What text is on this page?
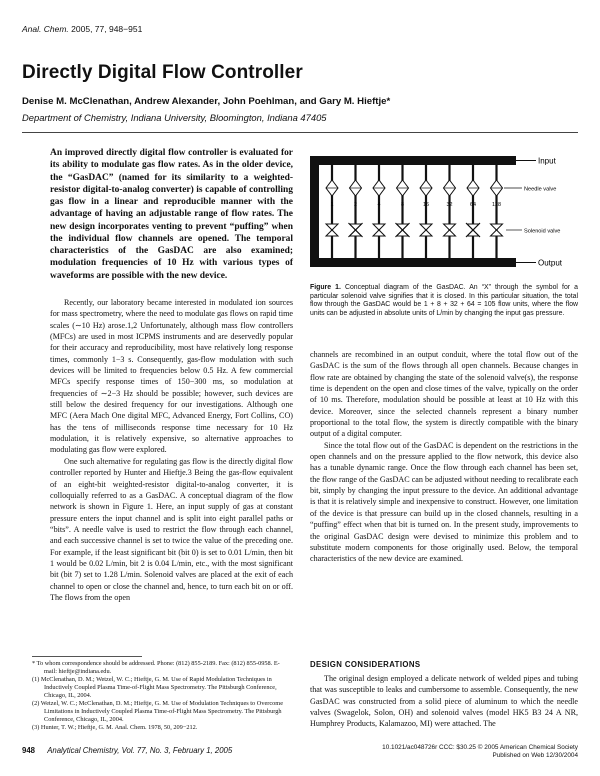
Anal. Chem. 2005, 77, 948−951
Directly Digital Flow Controller
Denise M. McClenathan, Andrew Alexander, John Poehlman, and Gary M. Hieftje*
Department of Chemistry, Indiana University, Bloomington, Indiana 47405
An improved directly digital flow controller is evaluated for its ability to modulate gas flow rates. As in the older device, the “GasDAC” (named for its similarity to a weighted-resistor digital-to-analog converter) is capable of controlling gas flow in a linear and reproducible manner with the advantage of having an adjustable range of flow rates. The new design incorporates venting to prevent “puffing” when the individual flow channels are opened. The temporal characteristics of the GasDAC are also examined; modulation frequencies of 10 Hz with various types of waveforms are possible with the new device.

Recently, our laboratory became interested in modulated ion sources for mass spectrometry, where the need to modulate gas flows on rapid time scales (∼10 Hz) arose.1,2 Unfortunately, although mass flow controllers (MFCs) are used in most ICPMS instruments and are deservedly popular for their accuracy and reproducibility, most have relatively long response times, commonly 1−3 s. Consequently, gas-flow modulation with such devices will be limited to frequencies below 0.5 Hz. A few commercial MFCs specify response times of 150−300 ms, so modulation at frequencies of ∼2−3 Hz should be possible; however, such devices are still below the desired frequency for our investigations. Although one MFC (Aera Mach One digital MFC, Advanced Energy, Fort Collins, CO) has the tens of milliseconds response time necessary for 10 Hz modulation, it is relatively expensive, so alternative approaches to modulating gas flow were explored.

One such alternative for regulating gas flow is the directly digital flow controller reported by Hunter and Hieftje.3 Being the gas-flow equivalent of an eight-bit weighted-resistor digital-to-analog converter, it is colloquially referred to as a GasDAC. A conceptual diagram of the flow network is shown in Figure 1. Here, an input supply of gas at constant pressure enters the input channel and is split into eight parallel paths or “bits”. A needle valve is used to restrict the flow through each channel, and each successive channel is set to twice the value of the preceding one. For example, if the least significant bit (bit 0) is set to 0.01 L/min, then bit 1 would be 0.02 L/min, bit 2 is 0.04 L/min, etc., with the most significant bit (bit 7) set to 1.28 L/min. Solenoid valves are placed at the exit of each channel to open or close the channel and, hence, to turn each bit on or off. The flows from the open

* To whom correspondence should be addressed. Phone: (812) 855-2189. Fax: (812) 855-0958. E-mail: hieftje@indiana.edu.

(1) McClenathan, D. M.; Wetzel, W. C.; Hieftje, G. M. Use of Rapid Modulation Techniques in Inductively Coupled Plasma Time-of-Flight Mass Spectrometry. The Pittsburgh Conference, Chicago, IL, 2004.

(2) Wetzel, W. C.; McClenathan, D. M.; Hieftje, G. M. Use of Modulation Techniques to Overcome Limitations in Inductively Coupled Plasma Time-of-Flight Mass Spectrometry. The Pittsburgh Conference, Chicago, IL, 2004.

(3) Hunter, T. W.; Hieftje, G. M. Anal. Chem. 1978, 50, 209−212.

Input
Output
1	2	4	8	16	32	64	128
Needle valve
Solenoid valve
Figure 1. Conceptual diagram of the GasDAC. An “X” through the symbol for a particular solenoid valve signifies that it is closed. In this particular situation, the total flow through the GasDAC would be 1 + 8 + 32 + 64 = 105 flow units, where the flow units can be adjusted in absolute units of L/min by changing the input gas pressure.

channels are recombined in an output conduit, where the total flow out of the GasDAC is the sum of the flows through all open channels. Because changes in flow rate are obtained by changing the state of the solenoid valve(s), the response time is dependent on the open and close times of the valve, typically on the order of 10 ms. Therefore, modulation should be possible at least at 10 Hz with this device. Moreover, since the selected channels represent a binary number proportional to the total flow, the system is directly compatible with the binary output of a digital computer.

Since the total flow out of the GasDAC is dependent on the restrictions in the open channels and on the pressure applied to the flow network, this device also has a tunable dynamic range. Once the flow through each channel has been set, the flow range of the GasDAC can be adjusted without needing to recalibrate each bit, simply by changing the input pressure to the device. An additional advantage is that it is relatively simple and inexpensive to construct. However, one limitation of the device is that pressure can build up in the closed channels, resulting in a “puffing” effect when that bit is turned on. In the present study, improvements to the original GasDAC design were devised to minimize this problem and to substitute modern components for those originally used. Below, the temporal characteristics of the new device are examined.

DESIGN CONSIDERATIONS

The original design employed a delicate network of welded pipes and tubing that was susceptible to leaks and cumbersome to assemble. Consequently, the new GasDAC was constructed from a solid piece of aluminum to which the needle valves (Swagelok, Solon, OH) and solenoid valves (model HK5 B3 24 A NR, Humphrey Products, Kalamazoo, MI) were attached. The

948 Analytical Chemistry, Vol. 77, No. 3, February 1, 2005	10.1021/ac048726r CCC: $30.25 © 2005 American Chemical Society
Published on Web 12/30/2004
